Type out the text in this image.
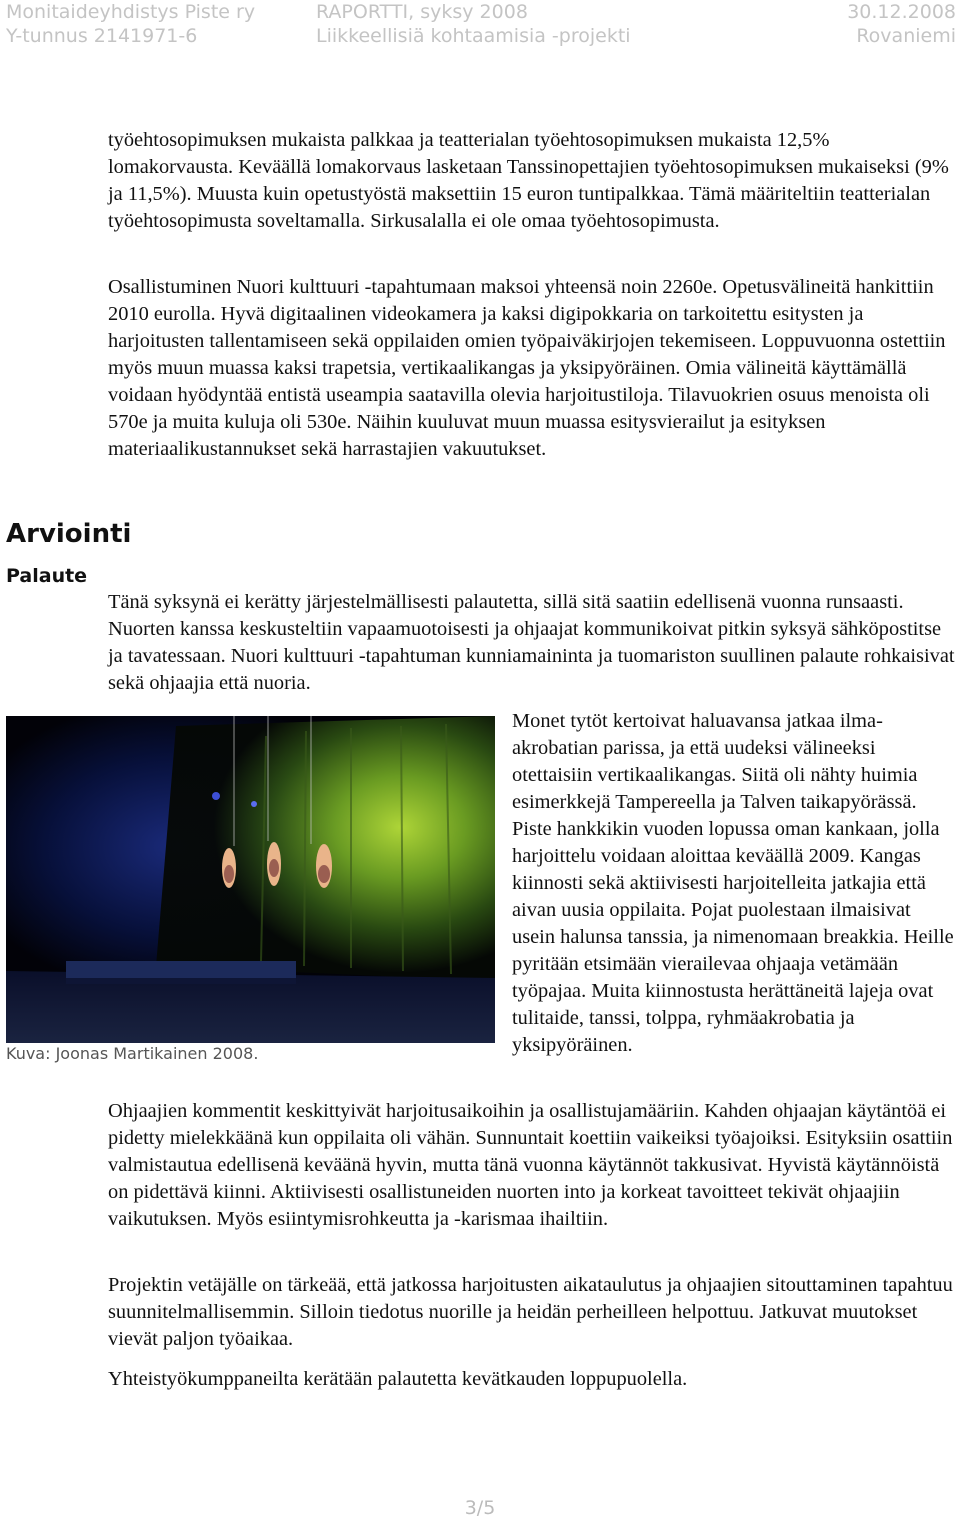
Monitaideyhdistys Piste ry
Y-tunnus 2141971-6
RAPORTTI, syksy 2008
Liikkeellisiä kohtaamisia -projekti
30.12.2008
Rovaniemi

työehtosopimuksen mukaista palkkaa ja teatterialan työehtosopimuksen mukaista 12,5% lomakorvausta. Keväällä lomakorvaus lasketaan Tanssinopettajien työehtosopimuksen mukaiseksi (9% ja 11,5%). Muusta kuin opetustyöstä maksettiin 15 euron tuntipalkkaa. Tämä määriteltiin teatterialan työehtosopimusta soveltamalla. Sirkusalalla ei ole omaa työehtosopimusta.

Osallistuminen Nuori kulttuuri -tapahtumaan maksoi yhteensä noin 2260e. Opetusvälineitä hankittiin 2010 eurolla. Hyvä digitaalinen videokamera ja kaksi digipokkaria on tarkoitettu esitysten ja harjoitusten tallentamiseen sekä oppilaiden omien työpaiväkirjojen tekemiseen. Loppuvuonna ostettiin myös muun muassa kaksi trapetsia, vertikaalikangas ja yksipyöräinen. Omia välineitä käyttämällä voidaan hyödyntää entistä useampia saatavilla olevia harjoitustiloja. Tilavuokrien osuus menoista oli 570e ja muita kuluja oli 530e. Näihin kuuluvat muun muassa esitysvierailut ja esityksen materiaalikustannukset sekä harrastajien vakuutukset.

Arviointi
Palaute

Tänä syksynä ei kerätty järjestelmällisesti palautetta, sillä sitä saatiin edellisenä vuonna runsaasti. Nuorten kanssa keskusteltiin vapaamuotoisesti ja ohjaajat kommunikoivat pitkin syksyä sähköpostitse ja tavatessaan. Nuori kulttuuri -tapahtuman kunniamaininta ja tuomariston suullinen palaute rohkaisivat sekä ohjaajia että nuoria.

Kuva: Joonas Martikainen 2008.

Monet tytöt kertoivat haluavansa jatkaa ilma-akrobatian parissa, ja että uudeksi välineeksi otettaisiin vertikaalikangas. Siitä oli nähty huimia esimerkkejä Tampereella ja Talven taikapyörässä. Piste hankkikin vuoden lopussa oman kankaan, jolla harjoittelu voidaan aloittaa keväällä 2009. Kangas kiinnosti sekä aktiivisesti harjoitelleita jatkajia että aivan uusia oppilaita. Pojat puolestaan ilmaisivat usein halunsa tanssia, ja nimenomaan breakkia. Heille pyritään etsimään vierailevaa ohjaaja vetämään työpajaa. Muita kiinnostusta herättäneitä lajeja ovat tulitaide, tanssi, tolppa, ryhmäakrobatia ja yksipyöräinen.

Ohjaajien kommentit keskittyivät harjoitusaikoihin ja osallistujamääriin. Kahden ohjaajan käytäntöä ei pidetty mielekkäänä kun oppilaita oli vähän. Sunnuntait koettiin vaikeiksi työajoiksi. Esityksiin osattiin valmistautua edellisenä keväänä hyvin, mutta tänä vuonna käytännöt takkusivat. Hyvistä käytännöistä on pidettävä kiinni. Aktiivisesti osallistuneiden nuorten into ja korkeat tavoitteet tekivät ohjaajiin vaikutuksen. Myös esiintymisrohkeutta ja -karismaa ihailtiin.

Projektin vetäjälle on tärkeää, että jatkossa harjoitusten aikataulutus ja ohjaajien sitouttaminen tapahtuu suunnitelmallisemmin. Silloin tiedotus nuorille ja heidän perheilleen helpottuu. Jatkuvat muutokset vievät paljon työaikaa.

Yhteistyökumppaneilta kerätään palautetta kevätkauden loppupuolella.

3/5
